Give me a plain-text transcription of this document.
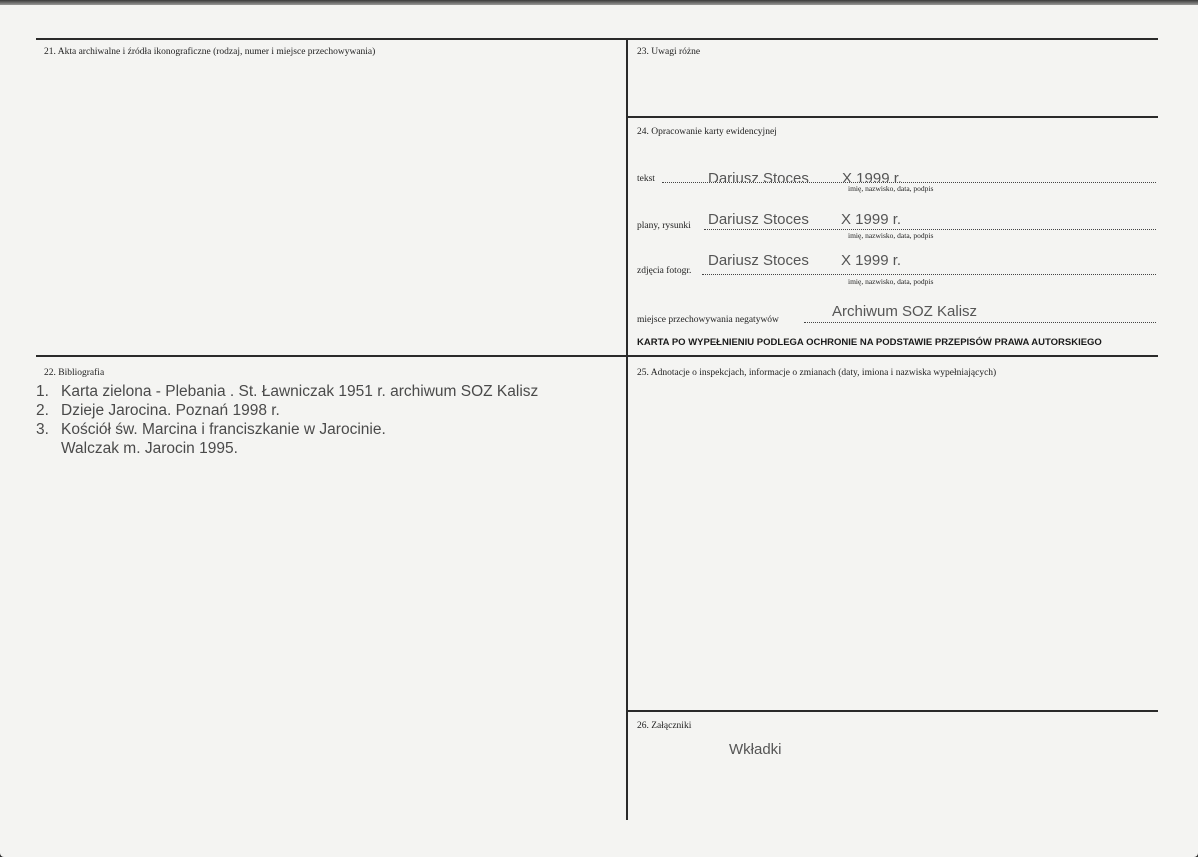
21. Akta archiwalne i źródła ikonograficzne (rodzaj, numer i miejsce przechowywania)	23. Uwagi różne
24. Opracowanie karty ewidencyjnej
tekst	Dariusz Stoces X 1999 r.
imię, nazwisko, data, podpis
plany, rysunki Dariusz Stoces X 1999 r.
imię, nazwisko, data, podpis
zdjęcia fotogr.
Dariusz Stoces X 1999 r.
imię, nazwisko, data, podpis
miejsce przechowywania negatywów	Archiwum SOZ Kalisz
KARTA PO WYPEŁNIENIU PODLEGA OCHRONIE NA PODSTAWIE PRZEPISÓW PRAWA AUTORSKIEGO
22. Bibliografia
1. Karta zielona - Plebania . St. Ławniczak 1951 r. archiwum SOZ Kalisz
2. Dzieje Jarocina. Poznań 1998 r.
3. Kościół św. Marcina i franciszkanie w Jarocinie. Walczak m. Jarocin 1995.
25. Adnotacje o inspekcjach, informacje o zmianach (daty, imiona i nazwiska wypełniających)
26. Załączniki
Wkładki
